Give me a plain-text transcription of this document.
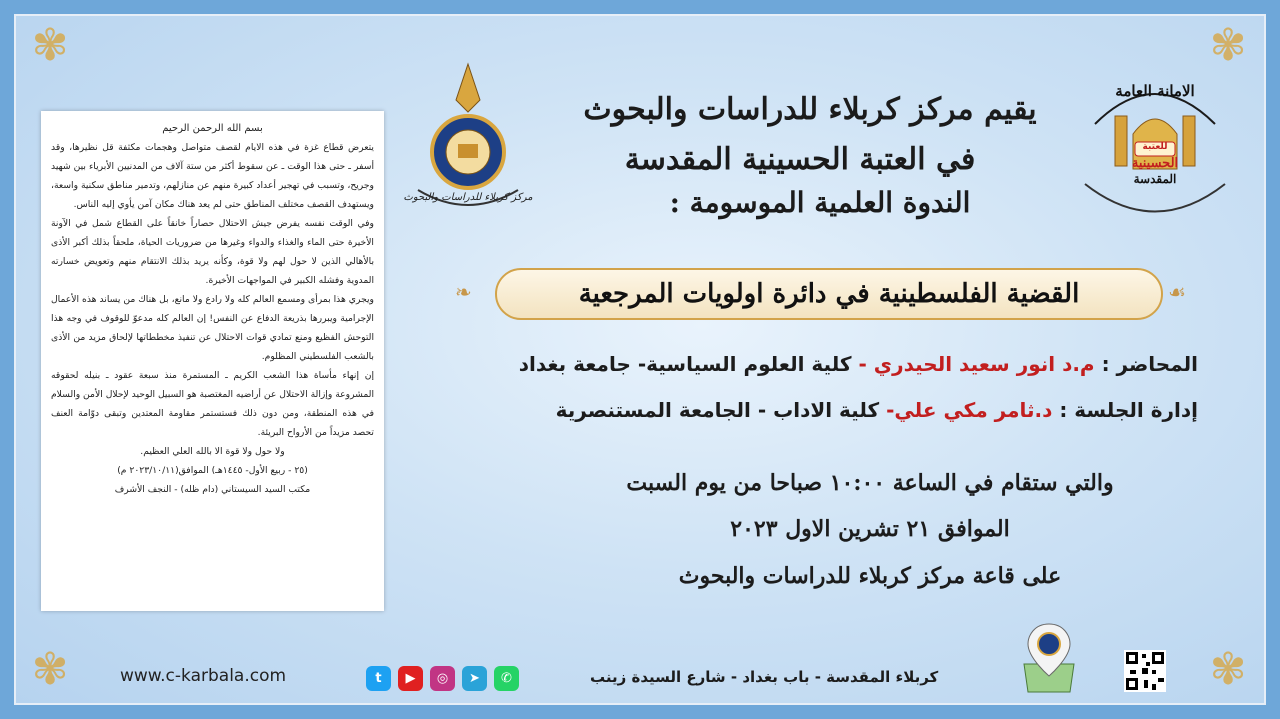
✾	✾
✾	✾

بسم الله الرحمن الرحيم

يتعرض قطاع غزة في هذه الايام لقصف متواصل وهجمات مكثفة قل نظيرها، وقد أسفر ـ حتى هذا الوقت ـ عن سقوط أكثر من ستة آلاف من المدنيين الأبرياء بين شهيد وجريح، وتسبب في تهجير أعداد كبيرة منهم عن منازلهم، وتدمير مناطق سكنية واسعة، ويستهدف القصف مختلف المناطق حتى لم يعد هناك مكان آمن يأوي إليه الناس.

وفي الوقت نفسه يفرض جيش الاحتلال حصاراً خانقاً على القطاع شمل في الآونة الأخيرة حتى الماء والغذاء والدواء وغيرها من ضروريات الحياة، ملحقاً بذلك أكبر الأذى بالأهالي الذين لا حول لهم ولا قوة، وكأنه يريد بذلك الانتقام منهم وتعويض خسارته المدوية وفشله الكبير في المواجهات الأخيرة.

ويجري هذا بمرأى ومسمع العالم كله ولا رادع ولا مانع، بل هناك من يساند هذه الأعمال الإجرامية ويبررها بذريعة الدفاع عن النفس! إن العالم كله مدعوّ للوقوف في وجه هذا التوحش الفظيع ومنع تمادي قوات الاحتلال عن تنفيذ مخططاتها لإلحاق مزيد من الأذى بالشعب الفلسطيني المظلوم.

إن إنهاء مأساة هذا الشعب الكريم ـ المستمرة منذ سبعة عقود ـ بنيله لحقوقه المشروعة وإزالة الاحتلال عن أراضيه المغتصبة هو السبيل الوحيد لإحلال الأمن والسلام في هذه المنطقة، ومن دون ذلك فستستمر مقاومة المعتدين وتبقى دوّامة العنف تحصد مزيداً من الأرواح البريئة.

ولا حول ولا قوة الا بالله العلي العظيم.

(٢٥ - ربيع الأول- ١٤٤٥هـ) الموافق(٢٠٢٣/١٠/١١ م)

مكتب السيد السيستاني (دام ظله) - النجف الأشرف

الامانة العامة
للعتبة
الحسينية
المقدسة
مركز كربلاء للدراسات والبحوث
يقيم مركز كربلاء للدراسات والبحوث
في العتبة الحسينية المقدسة
الندوة العلمية الموسومة :
❧	☙
القضية الفلسطينية في دائرة اولويات المرجعية
المحاضر : م.د انور سعيد الحيدري - كلية العلوم السياسية- جامعة بغداد
إدارة الجلسة : د.ثامر مكي علي- كلية الاداب - الجامعة المستنصرية
والتي ستقام في الساعة ١٠:٠٠ صباحا من يوم السبت
الموافق ٢١ تشرين الاول ٢٠٢٣
على قاعة مركز كربلاء للدراسات والبحوث
www.c-karbala.com	t	▶	◎	➤	✆	كربلاء المقدسة - باب بغداد - شارع السيدة زينب
